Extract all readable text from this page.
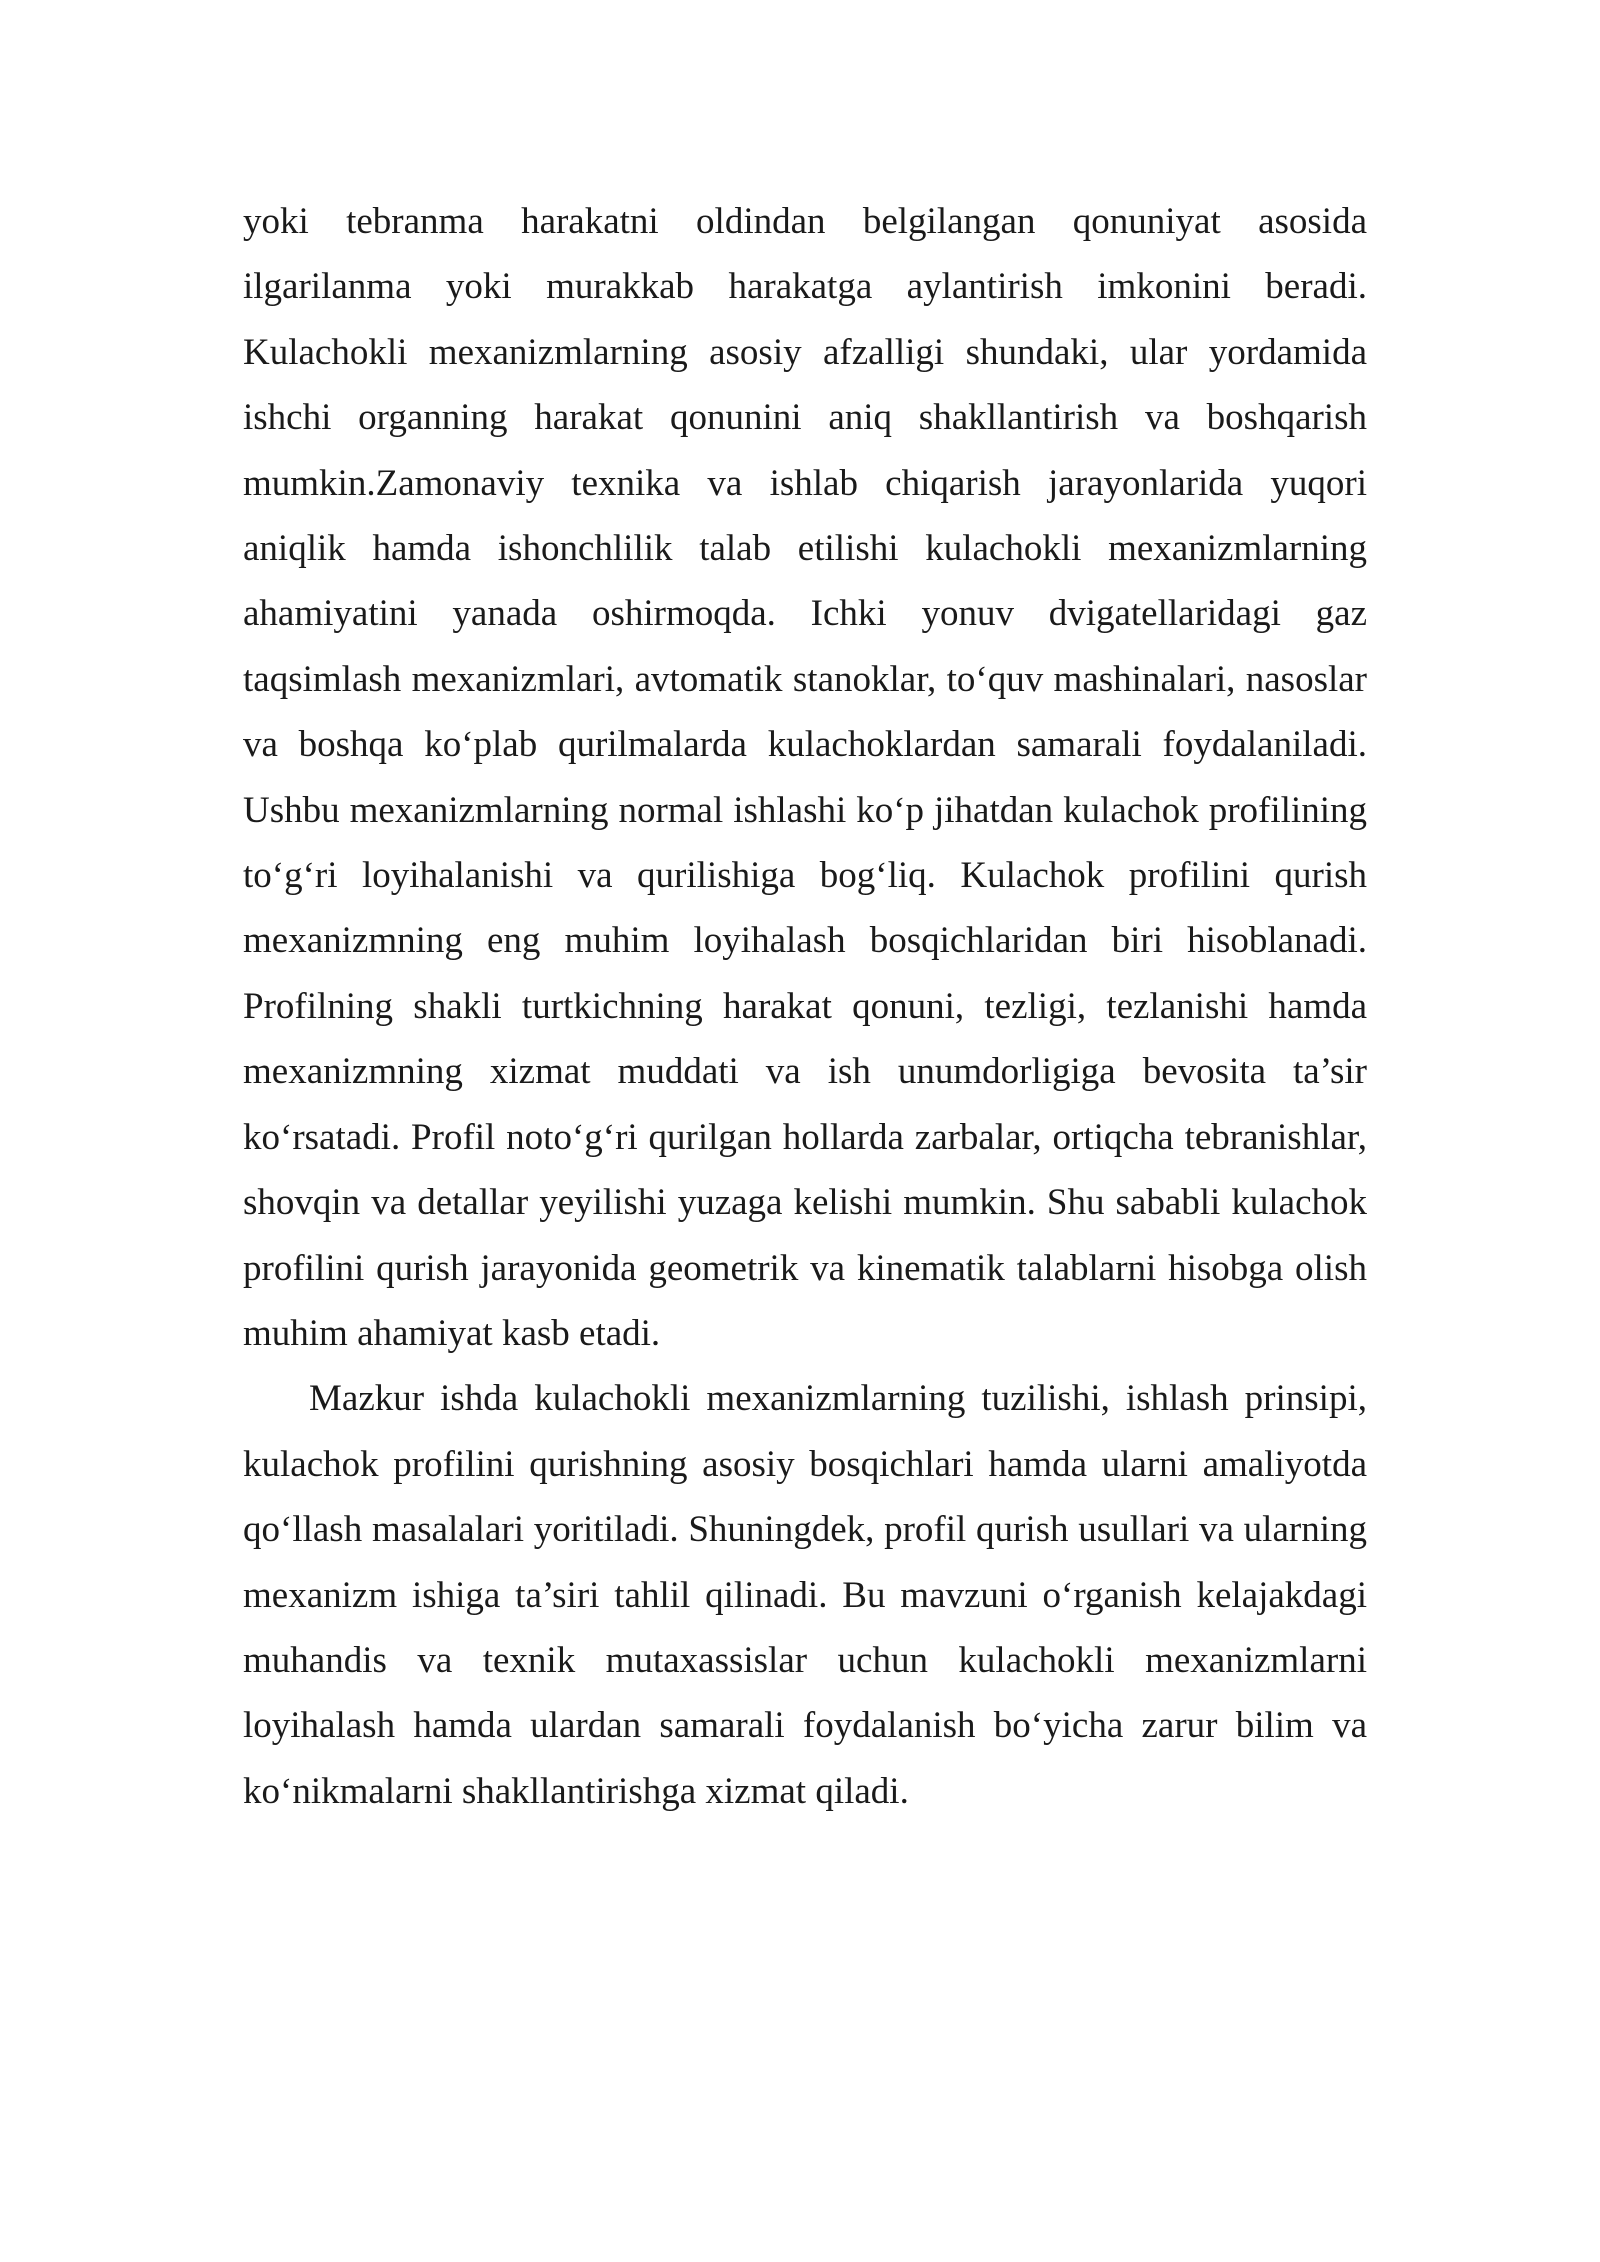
yoki tebranma harakatni oldindan belgilangan qonuniyat asosida ilgarilanma yoki murakkab harakatga aylantirish imkonini beradi. Kulachokli mexanizmlarning asosiy afzalligi shundaki, ular yordamida ishchi organning harakat qonunini aniq shakllantirish va boshqarish mumkin.Zamonaviy texnika va ishlab chiqarish jarayonlarida yuqori aniqlik hamda ishonchlilik talab etilishi kulachokli mexanizmlarning ahamiyatini yanada oshirmoqda. Ichki yonuv dvigatellaridagi gaz taqsimlash mexanizmlari, avtomatik stanoklar, to‘quv mashinalari, nasoslar va boshqa ko‘plab qurilmalarda kulachoklardan samarali foydalaniladi. Ushbu mexanizmlarning normal ishlashi ko‘p jihatdan kulachok profilining to‘g‘ri loyihalanishi va qurilishiga bog‘liq. Kulachok profilini qurish mexanizmning eng muhim loyihalash bosqichlaridan biri hisoblanadi. Profilning shakli turtkichning harakat qonuni, tezligi, tezlanishi hamda mexanizmning xizmat muddati va ish unumdorligiga bevosita ta’sir ko‘rsatadi. Profil noto‘g‘ri qurilgan hollarda zarbalar, ortiqcha tebranishlar, shovqin va detallar yeyilishi yuzaga kelishi mumkin. Shu sababli kulachok profilini qurish jarayonida geometrik va kinematik talablarni hisobga olish muhim ahamiyat kasb etadi.

Mazkur ishda kulachokli mexanizmlarning tuzilishi, ishlash prinsipi, kulachok profilini qurishning asosiy bosqichlari hamda ularni amaliyotda qo‘llash masalalari yoritiladi. Shuningdek, profil qurish usullari va ularning mexanizm ishiga ta’siri tahlil qilinadi. Bu mavzuni o‘rganish kelajakdagi muhandis va texnik mutaxassislar uchun kulachokli mexanizmlarni loyihalash hamda ulardan samarali foydalanish bo‘yicha zarur bilim va ko‘nikmalarni shakllantirishga xizmat qiladi.
